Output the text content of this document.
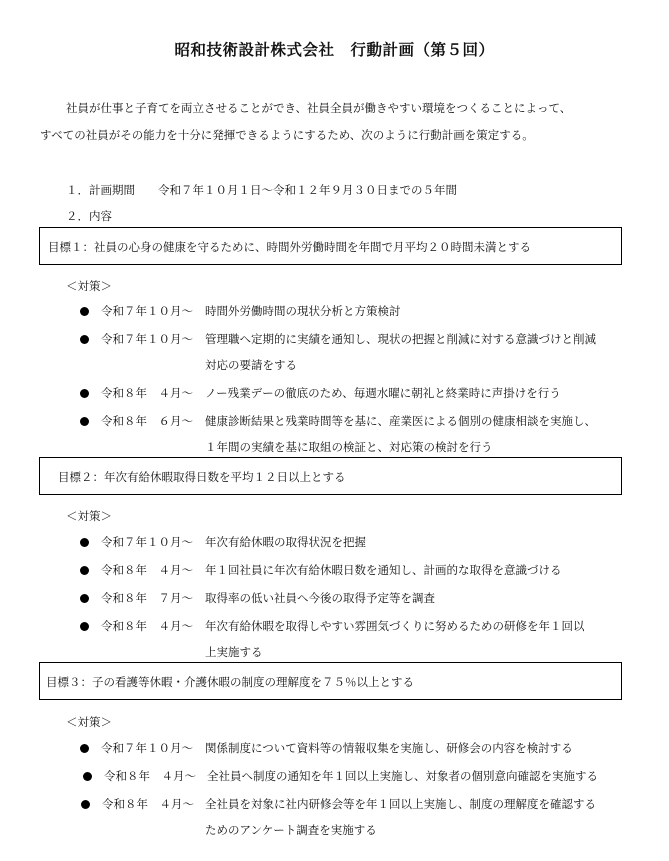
昭和技術設計株式会社　行動計画（第５回）
社員が仕事と子育てを両立させることができ、社員全員が働きやすい環境をつくることによって、
すべての社員がその能力を十分に発揮できるようにするため、次のように行動計画を策定する。
１．計画期間　　令和７年１０月１日～令和１２年９月３０日までの５年間
２．内容
目標１：社員の心身の健康を守るために、時間外労働時間を年間で月平均２０時間未満とする
＜対策＞
令和７年１０月～ 時間外労働時間の現状分析と方策検討
令和７年１０月～ 管理職へ定期的に実績を通知し、現状の把握と削減に対する意識づけと削減
対応の要請をする
令和８年　４月～ ノー残業デーの徹底のため、毎週水曜に朝礼と終業時に声掛けを行う
令和８年　６月～ 健康診断結果と残業時間等を基に、産業医による個別の健康相談を実施し、
１年間の実績を基に取組の検証と、対応策の検討を行う
目標２：年次有給休暇取得日数を平均１２日以上とする
＜対策＞
令和７年１０月～ 年次有給休暇の取得状況を把握
令和８年　４月～ 年１回社員に年次有給休暇日数を通知し、計画的な取得を意識づける
令和８年　７月～ 取得率の低い社員へ今後の取得予定等を調査
令和８年　４月～ 年次有給休暇を取得しやすい雰囲気づくりに努めるための研修を年１回以
上実施する
目標３：子の看護等休暇・介護休暇の制度の理解度を７５％以上とする
＜対策＞
令和７年１０月～ 関係制度について資料等の情報収集を実施し、研修会の内容を検討する
令和８年　４月～ 全社員へ制度の通知を年１回以上実施し、対象者の個別意向確認を実施する
令和８年　４月～ 全社員を対象に社内研修会等を年１回以上実施し、制度の理解度を確認する
ためのアンケート調査を実施する
